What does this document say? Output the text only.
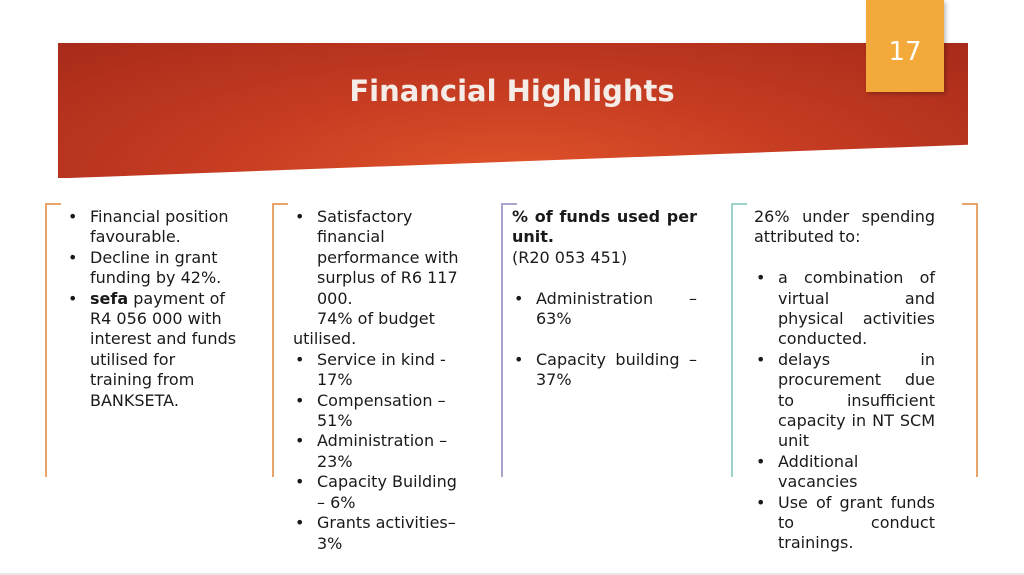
Financial Highlights
17
• Financial position favourable.
• Decline in grant funding by 42%.
• sefa payment of R4 056 000 with interest and funds utilised for training from BANKSETA.
• Satisfactory financial performance with surplus of R6 117 000.
74% of budget utilised.
• Service in kind - 17%
• Compensation – 51%
• Administration – 23%
• Capacity Building – 6%
• Grants activities– 3%
% of funds used per unit.
(R20 053 451)
• Administration – 63%
• Capacity building – 37%
26% under spending attributed to:
• a combination of virtual and physical activities conducted.
• delays in procurement due to insufficient capacity in NT SCM unit
• Additional vacancies
• Use of grant funds to conduct trainings.
